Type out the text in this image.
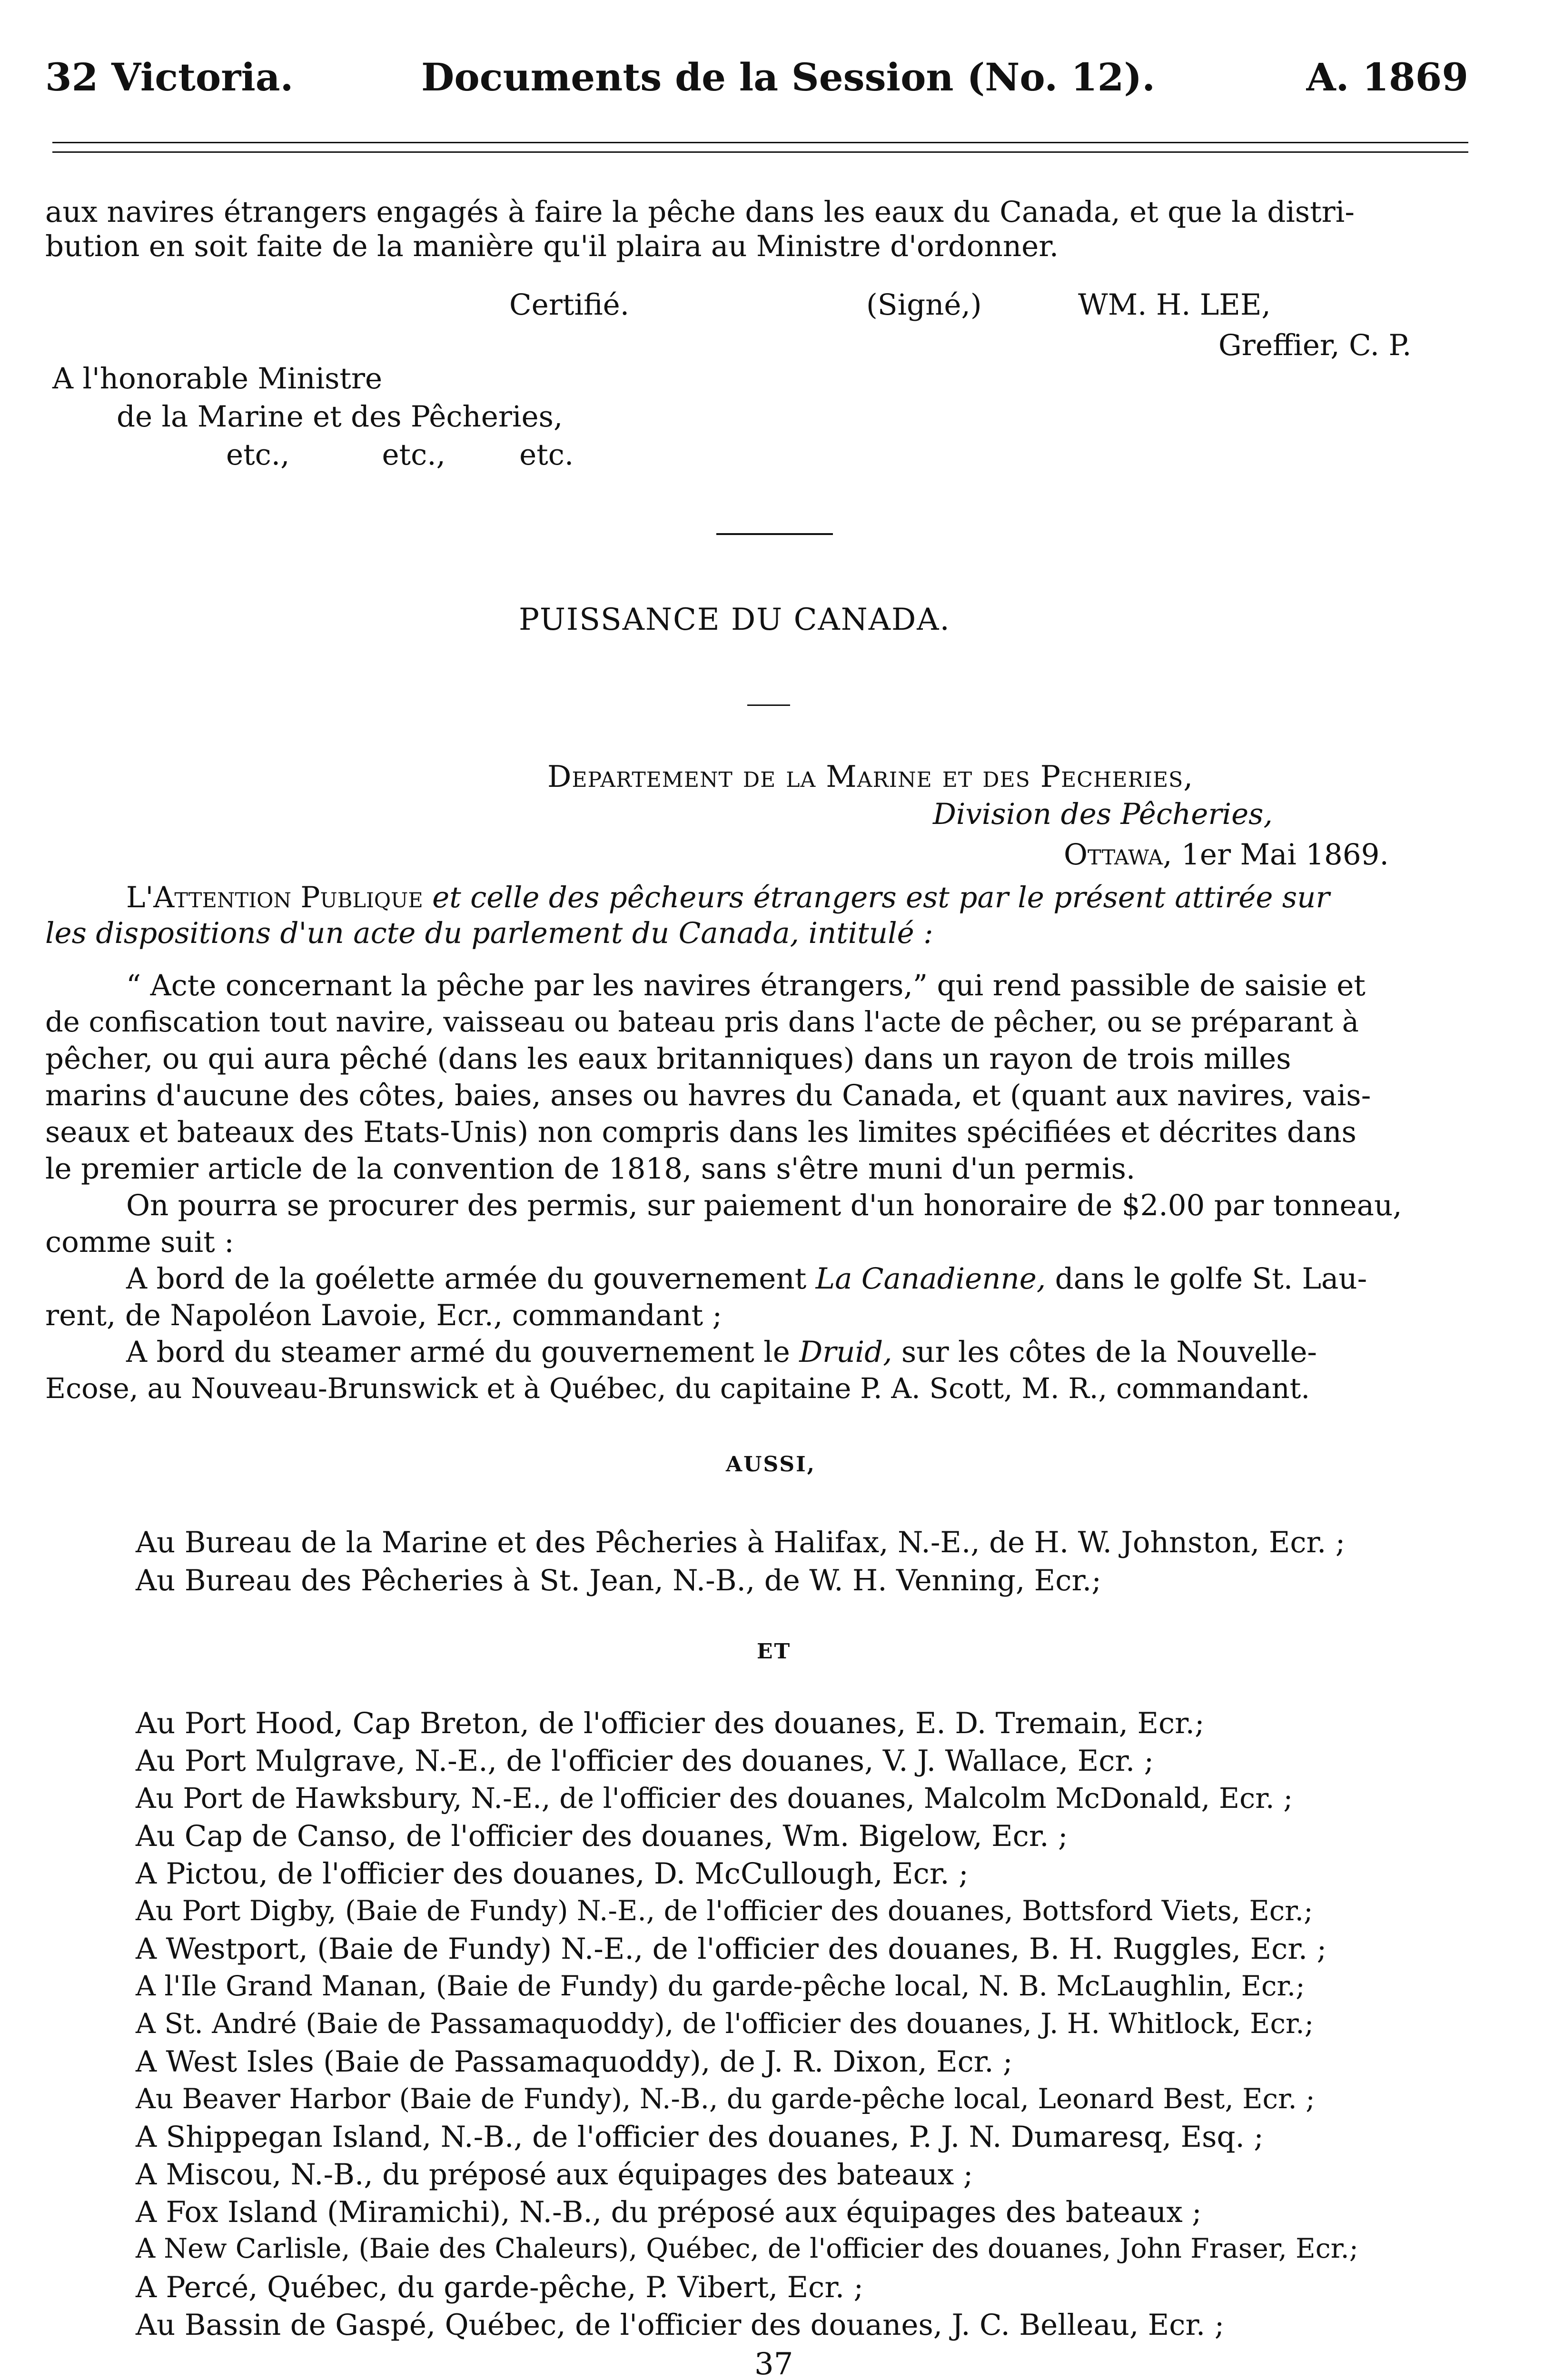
32 Victoria.	Documents de la Session (No. 12).	A. 1869
aux navires étrangers engagés à faire la pêche dans les eaux du Canada, et que la distri-
bution en soit faite de la manière qu'il plaira au Ministre d'ordonner.
Certifié.	(Signé,)	WM. H. LEE,
Greffier, C. P.
A l'honorable Ministre
de la Marine et des Pêcheries,
etc.,          etc.,        etc.
PUISSANCE DU CANADA.
Departement de la Marine et des Pecheries,
Division des Pêcheries,
Ottawa, 1er Mai 1869.
L'Attention Publique et celle des pêcheurs étrangers est par le présent attirée sur
les dispositions d'un acte du parlement du Canada, intitulé :
“ Acte concernant la pêche par les navires étrangers,” qui rend passible de saisie et
de confiscation tout navire, vaisseau ou bateau pris dans l'acte de pêcher, ou se préparant à
pêcher, ou qui aura pêché (dans les eaux britanniques) dans un rayon de trois milles
marins d'aucune des côtes, baies, anses ou havres du Canada, et (quant aux navires, vais-
seaux et bateaux des Etats-Unis) non compris dans les limites spécifiées et décrites dans
le premier article de la convention de 1818, sans s'être muni d'un permis.
On pourra se procurer des permis, sur paiement d'un honoraire de $2.00 par tonneau,
comme suit :
A bord de la goélette armée du gouvernement La Canadienne, dans le golfe St. Lau-
rent, de Napoléon Lavoie, Ecr., commandant ;
A bord du steamer armé du gouvernement le Druid, sur les côtes de la Nouvelle-
Ecose, au Nouveau-Brunswick et à Québec, du capitaine P. A. Scott, M. R., commandant.
AUSSI,
Au Bureau de la Marine et des Pêcheries à Halifax, N.-E., de H. W. Johnston, Ecr. ;
Au Bureau des Pêcheries à St. Jean, N.-B., de W. H. Venning, Ecr.;
ET
Au Port Hood, Cap Breton, de l'officier des douanes, E. D. Tremain, Ecr.;
Au Port Mulgrave, N.-E., de l'officier des douanes, V. J. Wallace, Ecr. ;
Au Port de Hawksbury, N.-E., de l'officier des douanes, Malcolm McDonald, Ecr. ;
Au Cap de Canso, de l'officier des douanes, Wm. Bigelow, Ecr. ;
A Pictou, de l'officier des douanes, D. McCullough, Ecr. ;
Au Port Digby, (Baie de Fundy) N.-E., de l'officier des douanes, Bottsford Viets, Ecr.;
A Westport, (Baie de Fundy) N.-E., de l'officier des douanes, B. H. Ruggles, Ecr. ;
A l'Ile Grand Manan, (Baie de Fundy) du garde-pêche local, N. B. McLaughlin, Ecr.;
A St. André (Baie de Passamaquoddy), de l'officier des douanes, J. H. Whitlock, Ecr.;
A West Isles (Baie de Passamaquoddy), de J. R. Dixon, Ecr. ;
Au Beaver Harbor (Baie de Fundy), N.-B., du garde-pêche local, Leonard Best, Ecr. ;
A Shippegan Island, N.-B., de l'officier des douanes, P. J. N. Dumaresq, Esq. ;
A Miscou, N.-B., du préposé aux équipages des bateaux ;
A Fox Island (Miramichi), N.-B., du préposé aux équipages des bateaux ;
A New Carlisle, (Baie des Chaleurs), Québec, de l'officier des douanes, John Fraser, Ecr.;
A Percé, Québec, du garde-pêche, P. Vibert, Ecr. ;
Au Bassin de Gaspé, Québec, de l'officier des douanes, J. C. Belleau, Ecr. ;
37
